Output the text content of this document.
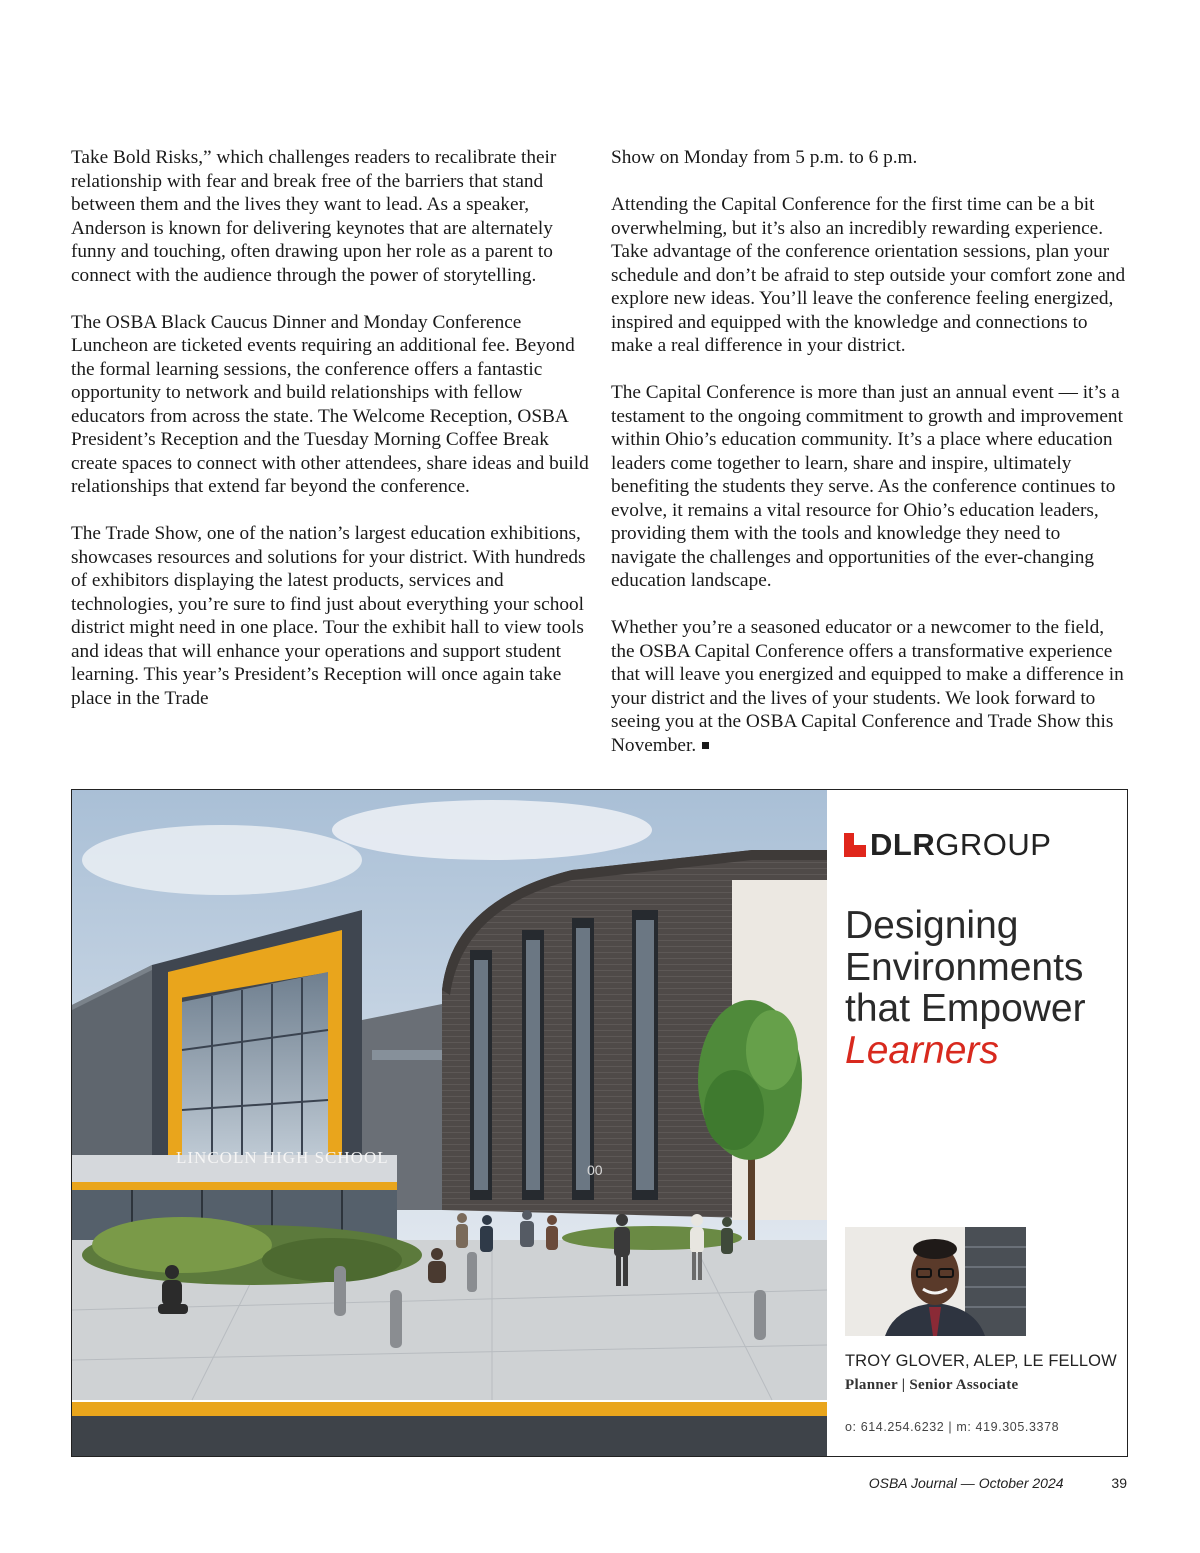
Take Bold Risks,” which challenges readers to recalibrate their relationship with fear and break free of the barriers that stand between them and the lives they want to lead. As a speaker, Anderson is known for delivering keynotes that are alternately funny and touching, often drawing upon her role as a parent to connect with the audience through the power of storytelling.

The OSBA Black Caucus Dinner and Monday Conference Luncheon are ticketed events requiring an additional fee. Beyond the formal learning sessions, the conference offers a fantastic opportunity to network and build relationships with fellow educators from across the state. The Welcome Reception, OSBA President’s Reception and the Tuesday Morning Coffee Break create spaces to connect with other attendees, share ideas and build relationships that extend far beyond the conference.

The Trade Show, one of the nation’s largest education exhibitions, showcases resources and solutions for your district. With hundreds of exhibitors displaying the latest products, services and technologies, you’re sure to find just about everything your school district might need in one place. Tour the exhibit hall to view tools and ideas that will enhance your operations and support student learning. This year’s President’s Reception will once again take place in the Trade

Show on Monday from 5 p.m. to 6 p.m.

Attending the Capital Conference for the first time can be a bit overwhelming, but it’s also an incredibly rewarding experience. Take advantage of the conference orientation sessions, plan your schedule and don’t be afraid to step outside your comfort zone and explore new ideas. You’ll leave the conference feeling energized, inspired and equipped with the knowledge and connections to make a real difference in your district.

The Capital Conference is more than just an annual event — it’s a testament to the ongoing commitment to growth and improvement within Ohio’s education community. It’s a place where education leaders come together to learn, share and inspire, ultimately benefiting the students they serve. As the conference continues to evolve, it remains a vital resource for Ohio’s education leaders, providing them with the tools and knowledge they need to navigate the challenges and opportunities of the ever-changing education landscape.

Whether you’re a seasoned educator or a newcomer to the field, the OSBA Capital Conference offers a transformative experience that will leave you energized and equipped to make a difference in your district and the lives of your students. We look forward to seeing you at the OSBA Capital Conference and Trade Show this November.

00
LINCOLN HIGH SCHOOL
DLRGROUP
Designing
Environments
that Empower
Learners
TROY GLOVER, ALEP, LE FELLOW
Planner | Senior Associate
o: 614.254.6232 | m: 419.305.3378
OSBA Journal — October 2024	39
